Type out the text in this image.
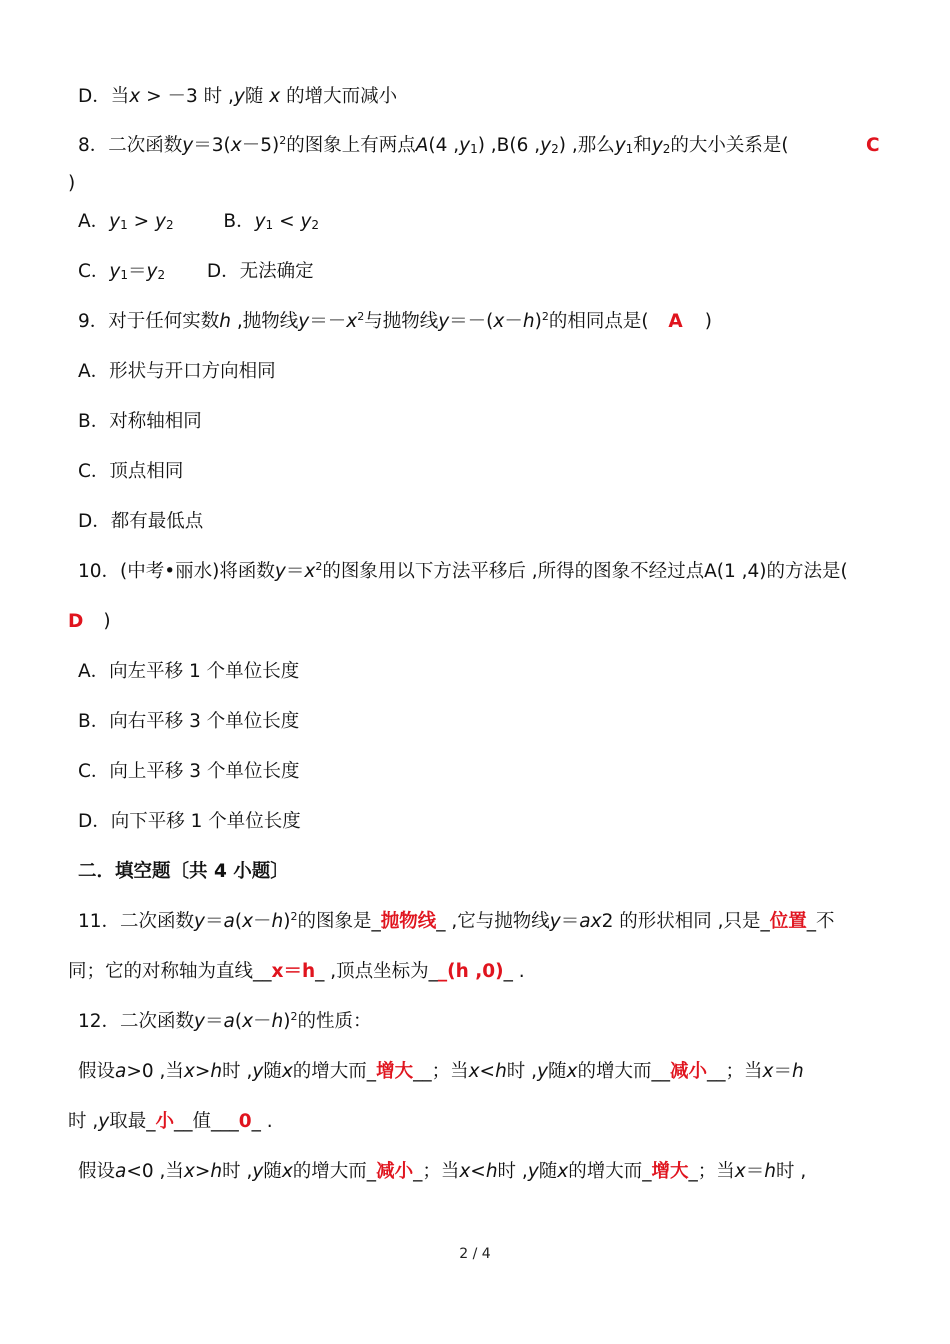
D．当x > －3 时 ,y随 x 的增大而减小
8．二次函数$y=3(x-5)^2$的图象上有两点A(4 $,y_1$) ,B(6 $,y_2$) ,那么$y_1$和$y_2$的大小关系是(	C
)
A．$y_1 > y_2$	B．$y_1 < y_2$
C．$y_1=y_2$ D．无法确定
9．对于任何实数h ,抛物线$y=-x^2$与抛物线$y=-(x-h)^2$的相同点是( A )
A．形状与开口方向相同
B．对称轴相同
C．顶点相同
D．都有最低点
10．(中考•丽水)将函数$y=x^2$的图象用以下方法平移后 ,所得的图象不经过点A(1 ,4)的方法是(
D )
A．向左平移 1 个单位长度
B．向右平移 3 个单位长度
C．向上平移 3 个单位长度
D．向下平移 1 个单位长度
二．填空题〔共 4 小题〕
11．二次函数$y=a(x-h)^2$的图象是_抛物线_ ,它与抛物线y＝ax2 的形状相同 ,只是_位置_不
同；它的对称轴为直线__x＝h_ ,顶点坐标为__(h ,0)_ .
12．二次函数$y=a(x-h)^2$的性质：
假设a>0 ,当x>h时 ,y随x的增大而_增大__；当x<h时 ,y随x的增大而__减小__；当x＝h
时 ,y取最_小__值___0_ .
假设a<0 ,当x>h时 ,y随x的增大而_减小_；当x<h时 ,y随x的增大而_增大_；当x＝h时 ,
2 / 4
